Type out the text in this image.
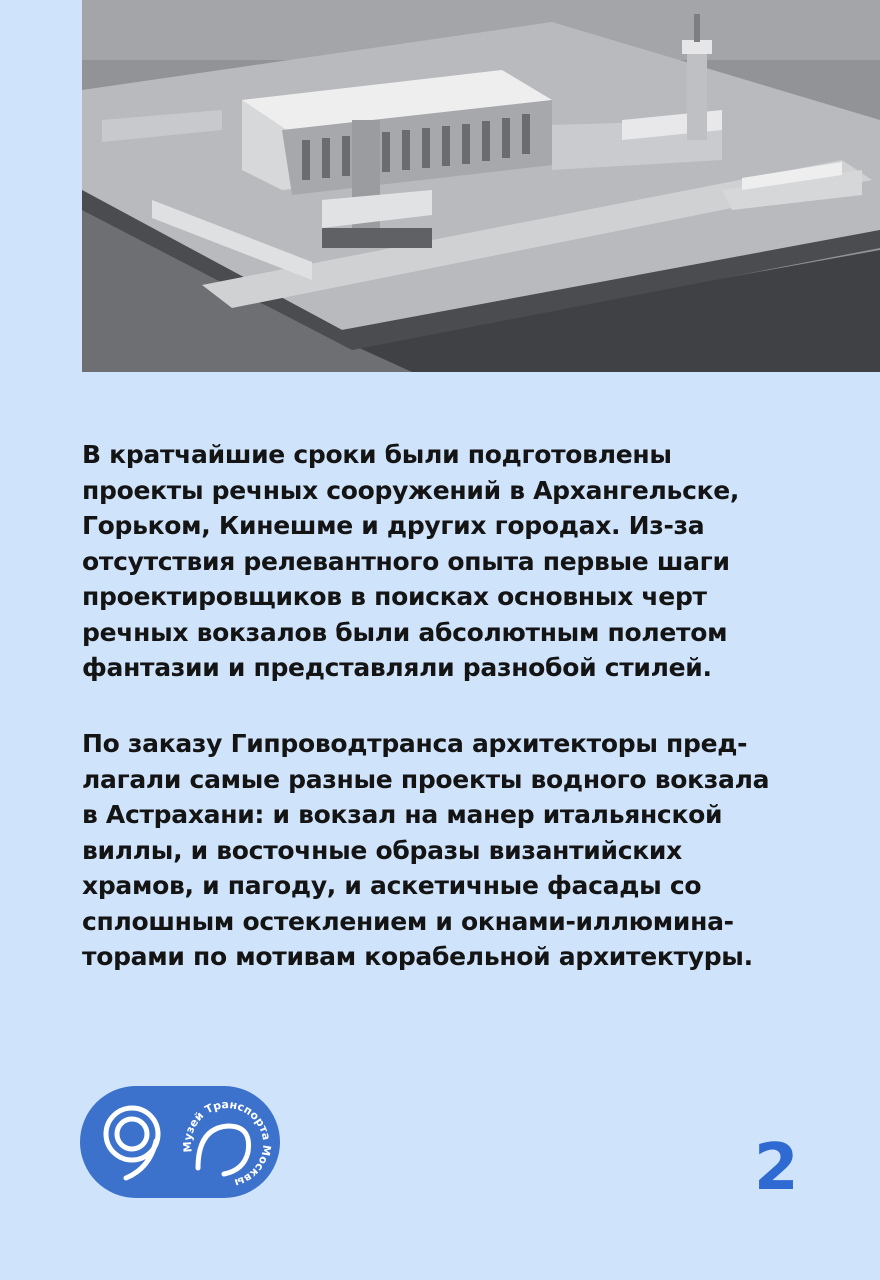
В кратчайшие сроки были подготовлены
проекты речных сооружений в Архангельске,
Горьком, Кинешме и других городах. Из-за
отсутствия релевантного опыта первые шаги
проектировщиков в поисках основных черт
речных вокзалов были абсолютным полетом
фантазии и представляли разнобой стилей.
По заказу Гипроводтранса архитекторы пред-
лагали самые разные проекты водного вокзала
в Астрахани: и вокзал на манер итальянской
виллы, и восточные образы византийских
храмов, и пагоду, и аскетичные фасады со
сплошным остеклением и окнами-иллюмина-
торами по мотивам корабельной архитектуры.
Музей Транспорта Москвы	2
